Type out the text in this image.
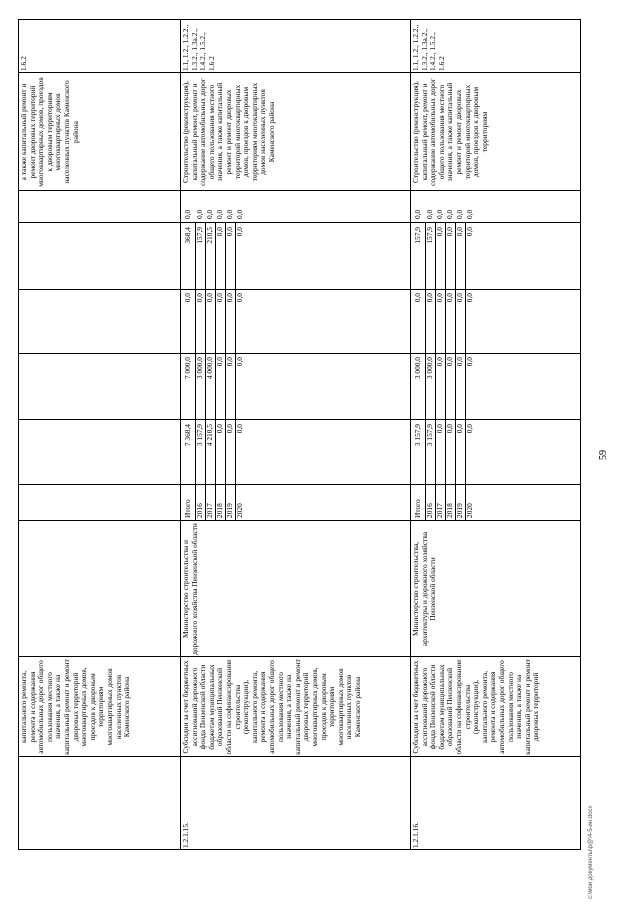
59
капитального ремонта, ремонта и содержания автомобильных дорог общего пользования местного значения, а также на капитальный ремонт и ремонт дворовых территорий многоквартирных домов, проездов к дворовым территориям многоквартирных домов населенных пунктов Каменского района
а также капитальный ремонт и ремонт дворовых территорий многоквартирных домов, проездов к дворовым территориям многоквартирных домов населенных пунктов Каменского района
1.6.2
1.2.1.15.
Субсидии за счет бюджетных ассигнований дорожного фонда Пензенской области бюджетам муниципальных образований Пензенской области на софинансирование строительства (реконструкции), капитального ремонта, ремонта и содержания автомобильных дорог общего пользования местного значения, а также на капитальный ремонт и ремонт дворовых территорий многоквартирных домов, проездов к дворовым территориям многоквартирных домов населенных пунктов Каменского района
Министерство строительства и дорожного хозяйства Пензенской области
Итого 2016 2017 2018 2019 2020
7 368,4 3 157,9 4 210,5 0,0 0,0 0,0
7 000,0 3 000,0 4 000,0 0,0 0,0 0,0
0,0 0,0 0,0 0,0 0,0 0,0
368,4 157,9 210,5 0,0 0,0 0,0
0,0 0,0 0,0 0,0 0,0 0,0
Строительство (реконструкция), капитальный ремонт, ремонт и содержание автомобильных дорог общего пользования местного значения, а также капитальный ремонт и ремонт дворовых территорий многоквартирных домов, проездов к дворовым территориям многоквартирных домов населенных пунктов Каменского района
1.1, 1.2., 1.2.2., 1.3.2., 1.3а.2., 1.4.2., 1.5.2., 1.6.2
1.2.1.16.
Субсидии за счет бюджетных ассигнований дорожного фонда Пензенской области бюджетам муниципальных образований Пензенской области на софинансирование строительства (реконструкции), капитального ремонта, ремонта и содержания автомобильных дорог общего пользования местного значения, а также на капитальный ремонт и ремонт дворовых территорий
Министерство строительства, архитектуры и дорожного хозяйства Пензенской области
Итого 2016 2017 2018 2019 2020
3 157,9 3 157,9 0,0 0,0 0,0 0,0
3 000,0 3 000,0 0,0 0,0 0,0 0,0
0,0 0,0 0,0 0,0 0,0 0,0
157,9 157,9 0,0 0,0 0,0 0,0
0,0 0,0 0,0 0,0 0,0 0,0
Строительство (реконструкция), капитальный ремонт, ремонт и содержание автомобильных дорог общего пользования местного значения, а также капитальный ремонт и ремонт дворовых территорий многоквартирных домов, проездов к дворовым территориям
1.1, 1.2., 1.2.2., 1.3.2., 1.3а.2., 1.4.2., 1.5.2., 1.6.2
c:\мои документы\р@\4-5-ин.docx
